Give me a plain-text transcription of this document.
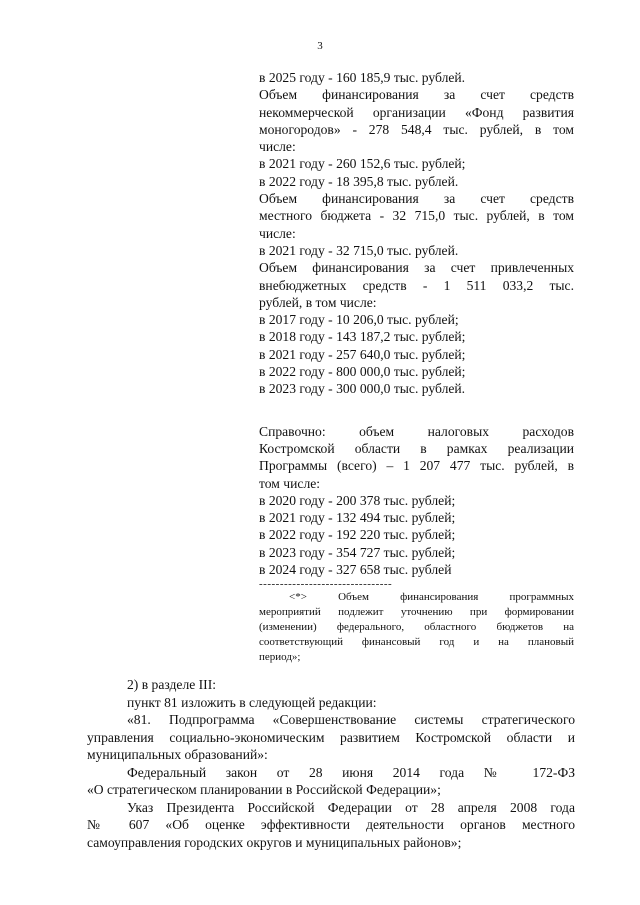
3

в 2025 году - 160 185,9 тыс. рублей.

Объем финансирования за счет средств

некоммерческой организации «Фонд развития

моногородов» - 278 548,4 тыс. рублей, в том

числе:

в 2021 году - 260 152,6 тыс. рублей;

в 2022 году - 18 395,8 тыс. рублей.

Объем финансирования за счет средств

местного бюджета - 32 715,0 тыс. рублей, в том

числе:

в 2021 году - 32 715,0 тыс. рублей.

Объем финансирования за счет привлеченных

внебюджетных средств - 1 511 033,2 тыс.

рублей, в том числе:

в 2017 году - 10 206,0 тыс. рублей;

в 2018 году - 143 187,2 тыс. рублей;

в 2021 году - 257 640,0 тыс. рублей;

в 2022 году - 800 000,0 тыс. рублей;

в 2023 году - 300 000,0 тыс. рублей.

Справочно: объем налоговых расходов

Костромской области в рамках реализации

Программы (всего) – 1 207 477 тыс. рублей, в

том числе:

в 2020 году - 200 378 тыс. рублей;

в 2021 году - 132 494 тыс. рублей;

в 2022 году - 192 220 тыс. рублей;

в 2023 году - 354 727 тыс. рублей;

в 2024 году - 327 658 тыс. рублей

--------------------------------

<*> Объем финансирования программных

мероприятий подлежит уточнению при формировании

(изменении) федерального, областного бюджетов на

соответствующий финансовый год и на плановый

период»;

2) в разделе III:

пункт 81 изложить в следующей редакции:

«81. Подпрограмма «Совершенствование системы стратегического

управления социально-экономическим развитием Костромской области и

муниципальных образований»:

Федеральный закон от 28 июня 2014 года № 172-ФЗ

«О стратегическом планировании в Российской Федерации»;

Указ Президента Российской Федерации от 28 апреля 2008 года

№ 607 «Об оценке эффективности деятельности органов местного

самоуправления городских округов и муниципальных районов»;
